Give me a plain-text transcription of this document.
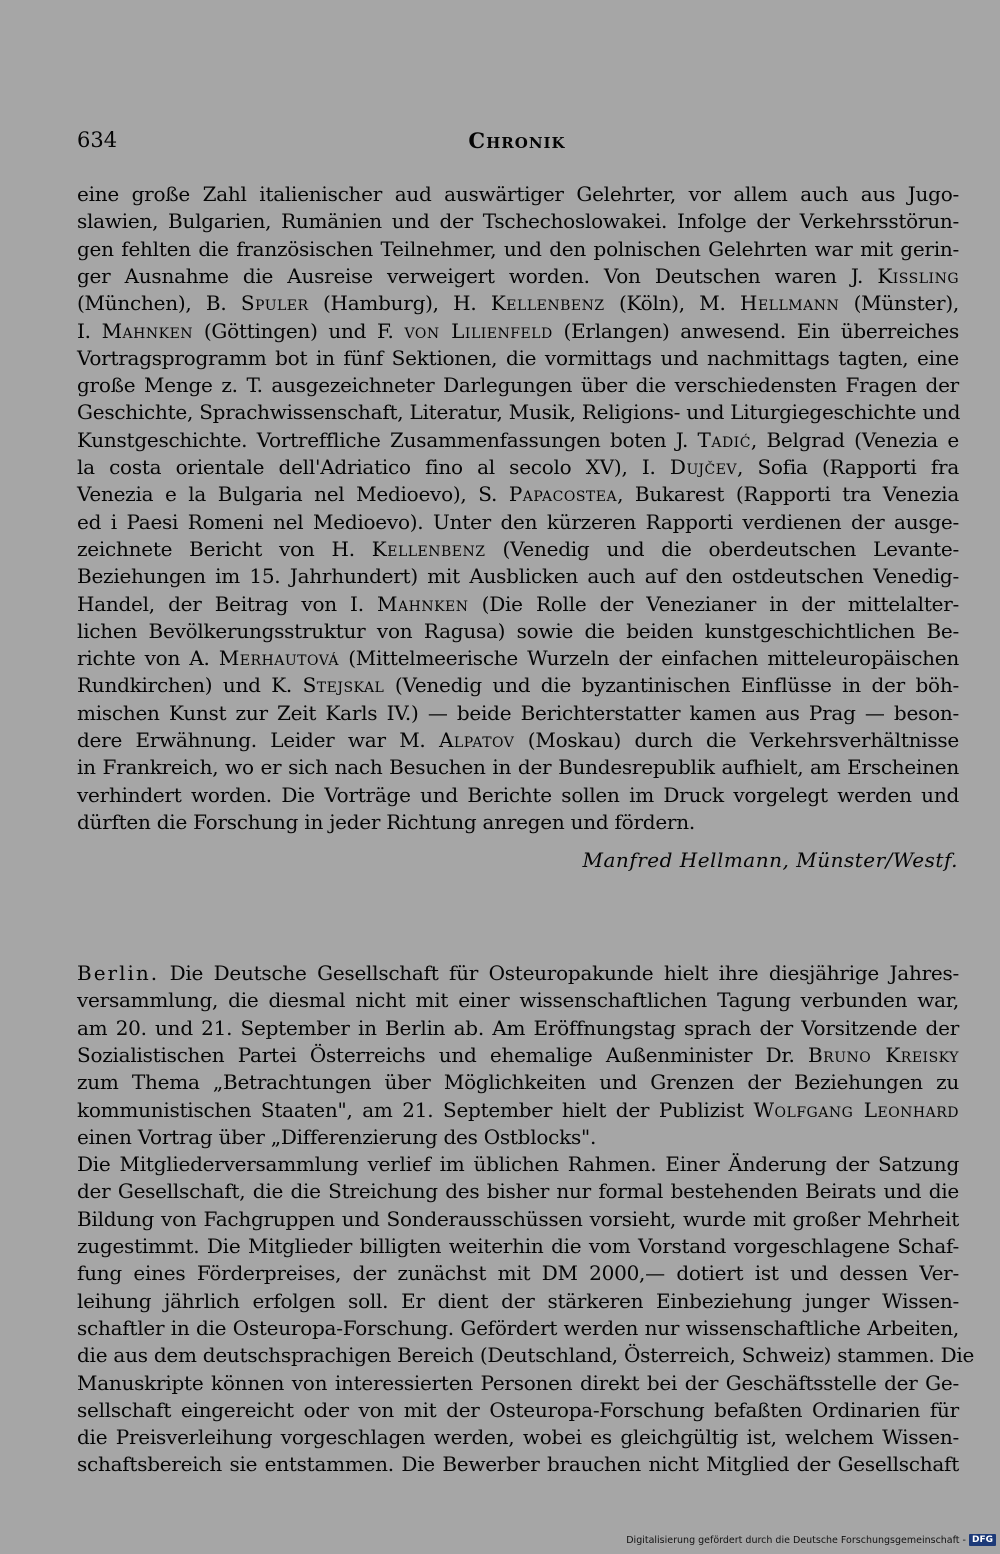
634	Chronik
eine große Zahl italienischer aud auswärtiger Gelehrter, vor allem auch aus Jugo-
slawien, Bulgarien, Rumänien und der Tschechoslowakei. Infolge der Verkehrsstörun-
gen fehlten die französischen Teilnehmer, und den polnischen Gelehrten war mit gerin-
ger Ausnahme die Ausreise verweigert worden. Von Deutschen waren J. Kissling
(München), B. Spuler (Hamburg), H. Kellenbenz (Köln), M. Hellmann (Münster),
I. Mahnken (Göttingen) und F. von Lilienfeld (Erlangen) anwesend. Ein überreiches
Vortragsprogramm bot in fünf Sektionen, die vormittags und nachmittags tagten, eine
große Menge z. T. ausgezeichneter Darlegungen über die verschiedensten Fragen der
Geschichte, Sprachwissenschaft, Literatur, Musik, Religions- und Liturgiegeschichte und
Kunstgeschichte. Vortreffliche Zusammenfassungen boten J. Tadić, Belgrad (Venezia e
la costa orientale dell'Adriatico fino al secolo XV), I. Dujčev, Sofia (Rapporti fra
Venezia e la Bulgaria nel Medioevo), S. Papacostea, Bukarest (Rapporti tra Venezia
ed i Paesi Romeni nel Medioevo). Unter den kürzeren Rapporti verdienen der ausge-
zeichnete Bericht von H. Kellenbenz (Venedig und die oberdeutschen Levante-
Beziehungen im 15. Jahrhundert) mit Ausblicken auch auf den ostdeutschen Venedig-
Handel, der Beitrag von I. Mahnken (Die Rolle der Venezianer in der mittelalter-
lichen Bevölkerungsstruktur von Ragusa) sowie die beiden kunstgeschichtlichen Be-
richte von A. Merhautová (Mittelmeerische Wurzeln der einfachen mitteleuropäischen
Rundkirchen) und K. Stejskal (Venedig und die byzantinischen Einflüsse in der böh-
mischen Kunst zur Zeit Karls IV.) — beide Berichterstatter kamen aus Prag — beson-
dere Erwähnung. Leider war M. Alpatov (Moskau) durch die Verkehrsverhältnisse
in Frankreich, wo er sich nach Besuchen in der Bundesrepublik aufhielt, am Erscheinen
verhindert worden. Die Vorträge und Berichte sollen im Druck vorgelegt werden und
dürften die Forschung in jeder Richtung anregen und fördern.
Manfred Hellmann, Münster/Westf.
Berlin. Die Deutsche Gesellschaft für Osteuropakunde hielt ihre diesjährige Jahres-
versammlung, die diesmal nicht mit einer wissenschaftlichen Tagung verbunden war,
am 20. und 21. September in Berlin ab. Am Eröffnungstag sprach der Vorsitzende der
Sozialistischen Partei Österreichs und ehemalige Außenminister Dr. Bruno Kreisky
zum Thema „Betrachtungen über Möglichkeiten und Grenzen der Beziehungen zu
kommunistischen Staaten", am 21. September hielt der Publizist Wolfgang Leonhard
einen Vortrag über „Differenzierung des Ostblocks".
Die Mitgliederversammlung verlief im üblichen Rahmen. Einer Änderung der Satzung
der Gesellschaft, die die Streichung des bisher nur formal bestehenden Beirats und die
Bildung von Fachgruppen und Sonderausschüssen vorsieht, wurde mit großer Mehrheit
zugestimmt. Die Mitglieder billigten weiterhin die vom Vorstand vorgeschlagene Schaf-
fung eines Förderpreises, der zunächst mit DM 2000,— dotiert ist und dessen Ver-
leihung jährlich erfolgen soll. Er dient der stärkeren Einbeziehung junger Wissen-
schaftler in die Osteuropa-Forschung. Gefördert werden nur wissenschaftliche Arbeiten,
die aus dem deutschsprachigen Bereich (Deutschland, Österreich, Schweiz) stammen. Die
Manuskripte können von interessierten Personen direkt bei der Geschäftsstelle der Ge-
sellschaft eingereicht oder von mit der Osteuropa-Forschung befaßten Ordinarien für
die Preisverleihung vorgeschlagen werden, wobei es gleichgültig ist, welchem Wissen-
schaftsbereich sie entstammen. Die Bewerber brauchen nicht Mitglied der Gesellschaft
Digitalisierung gefördert durch die Deutsche Forschungsgemeinschaft - DFG
